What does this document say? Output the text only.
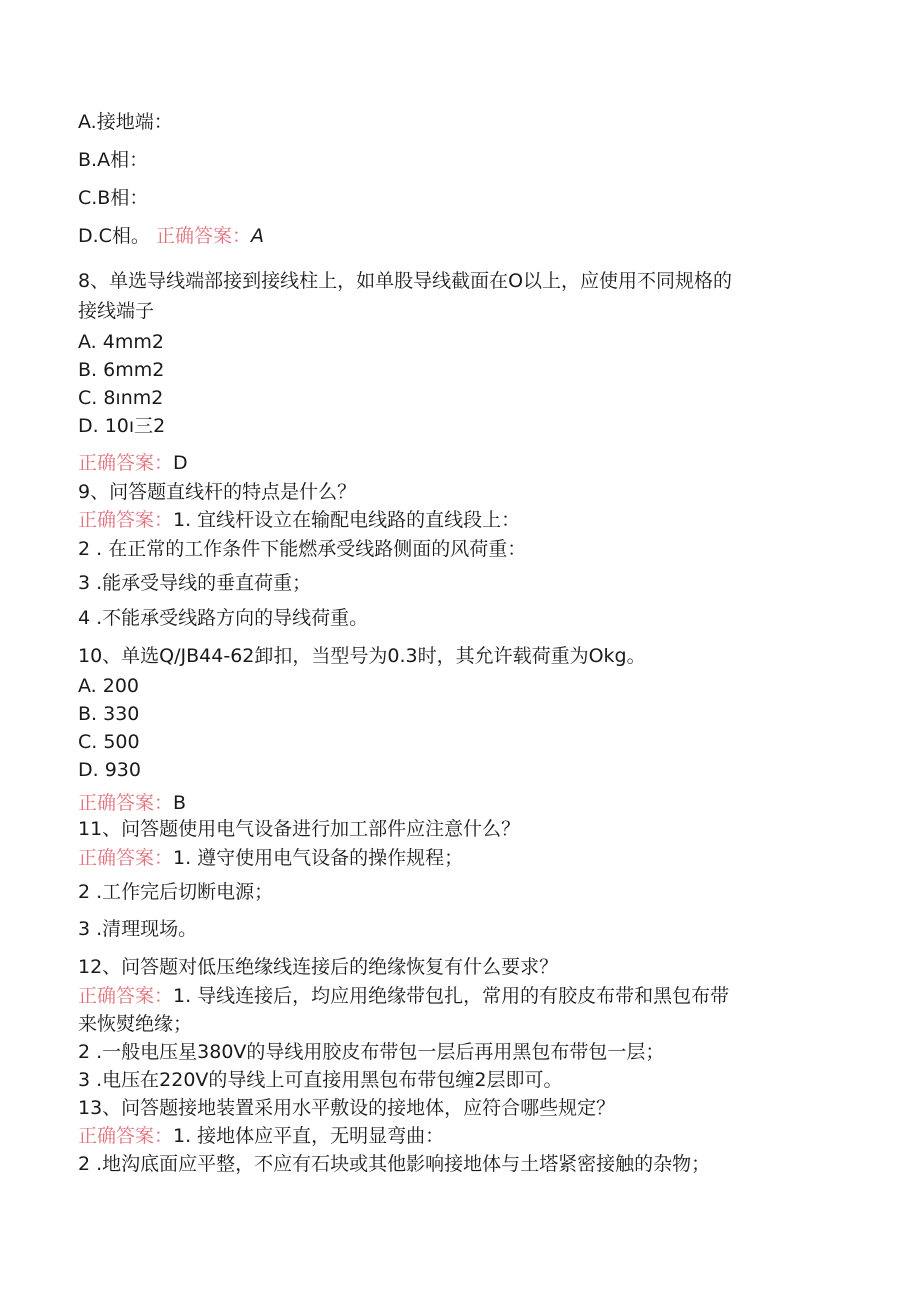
A.接地端：
B.A相：
C.B相：
D.C相。 正确答案：A
8、单选导线端部接到接线柱上，如单股导线截面在O以上，应使用不同规格的
接线端子
A. 4mm2
B. 6mm2
C. 8ınm2
D. 10ı三2
正确答案：D
9、问答题直线杆的特点是什么？
正确答案：1. 宜线杆设立在输配电线路的直线段上：
2 . 在正常的工作条件下能燃承受线路侧面的风荷重：
3 .能承受导线的垂直荷重；
4 .不能承受线路方向的导线荷重。
10、单选Q/JB44-62卸扣，当型号为0.3时，其允许载荷重为Okg。
A. 200
B. 330
C. 500
D. 930
正确答案：B
11、问答题使用电气设备进行加工部件应注意什么？
正确答案：1. 遵守使用电气设备的操作规程；
2 .工作完后切断电源；
3 .清理现场。
12、问答题对低压绝缘线连接后的绝缘恢复有什么要求？
正确答案：1. 导线连接后，均应用绝缘带包扎，常用的有胶皮布带和黑包布带
来恢熨绝缘；
2 .一般电压星380V的导线用胶皮布带包一层后再用黑包布带包一层；
3 .电压在220V的导线上可直接用黑包布带包缠2层即可。
13、问答题接地装置采用水平敷设的接地体，应符合哪些规定？
正确答案：1. 接地体应平直，无明显弯曲：
2 .地沟底面应平整，不应有石块或其他影响接地体与土塔紧密接触的杂物；
